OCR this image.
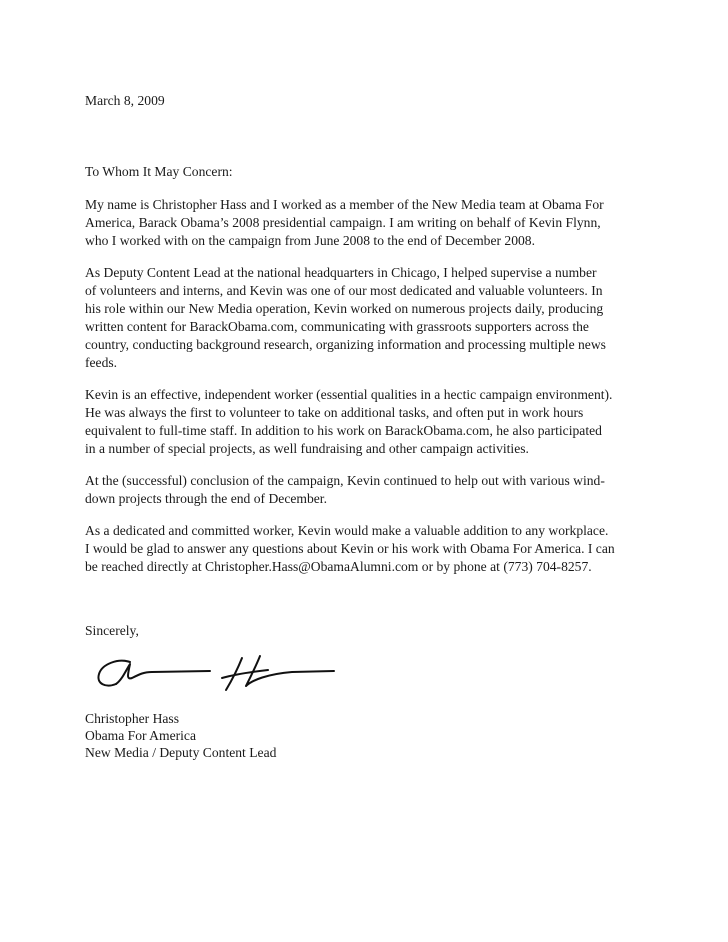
March 8, 2009
To Whom It May Concern:
My name is Christopher Hass and I worked as a member of the New Media team at Obama For
America, Barack Obama’s 2008 presidential campaign. I am writing on behalf of Kevin Flynn,
who I worked with on the campaign from June 2008 to the end of December 2008.
As Deputy Content Lead at the national headquarters in Chicago, I helped supervise a number
of volunteers and interns, and Kevin was one of our most dedicated and valuable volunteers. In
his role within our New Media operation, Kevin worked on numerous projects daily, producing
written content for BarackObama.com, communicating with grassroots supporters across the
country, conducting background research, organizing information and processing multiple news
feeds.
Kevin is an effective, independent worker (essential qualities in a hectic campaign environment).
He was always the first to volunteer to take on additional tasks, and often put in work hours
equivalent to full-time staff. In addition to his work on BarackObama.com, he also participated
in a number of special projects, as well fundraising and other campaign activities.
At the (successful) conclusion of the campaign, Kevin continued to help out with various wind-
down projects through the end of December.
As a dedicated and committed worker, Kevin would make a valuable addition to any workplace.
I would be glad to answer any questions about Kevin or his work with Obama For America. I can
be reached directly at Christopher.Hass@ObamaAlumni.com or by phone at (773) 704-8257.
Sincerely,
Christopher Hass
Obama For America
New Media / Deputy Content Lead
